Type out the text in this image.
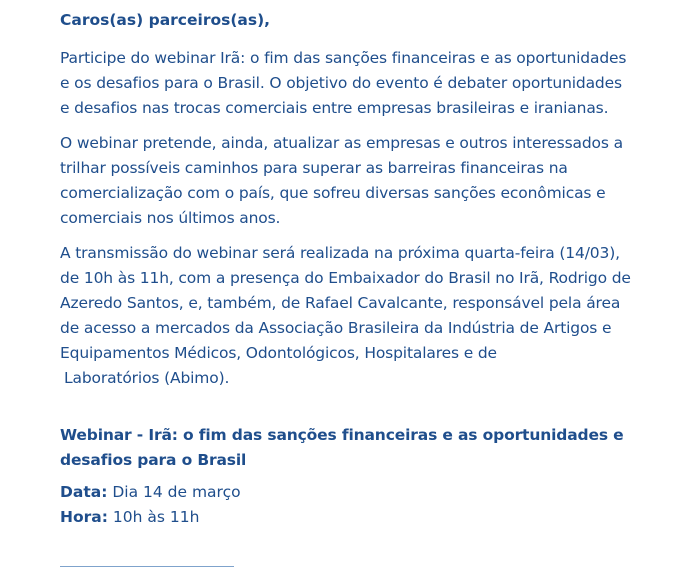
Caros(as) parceiros(as),

Participe do webinar Irã: o fim das sanções financeiras e as oportunidades
e os desafios para o Brasil. O objetivo do evento é debater oportunidades
e desafios nas trocas comerciais entre empresas brasileiras e iranianas.

O webinar pretende, ainda, atualizar as empresas e outros interessados a
trilhar possíveis caminhos para superar as barreiras financeiras na
comercialização com o país, que sofreu diversas sanções econômicas e
comerciais nos últimos anos.

A transmissão do webinar será realizada na próxima quarta-feira (14/03),
de 10h às 11h, com a presença do Embaixador do Brasil no Irã, Rodrigo de
Azeredo Santos, e, também, de Rafael Cavalcante, responsável pela área
de acesso a mercados da Associação Brasileira da Indústria de Artigos e
Equipamentos Médicos, Odontológicos, Hospitalares e de
Laboratórios (Abimo).

Webinar - Irã: o fim das sanções financeiras e as oportunidades e
desafios para o Brasil

Data: Dia 14 de março

Hora: 10h às 11h
